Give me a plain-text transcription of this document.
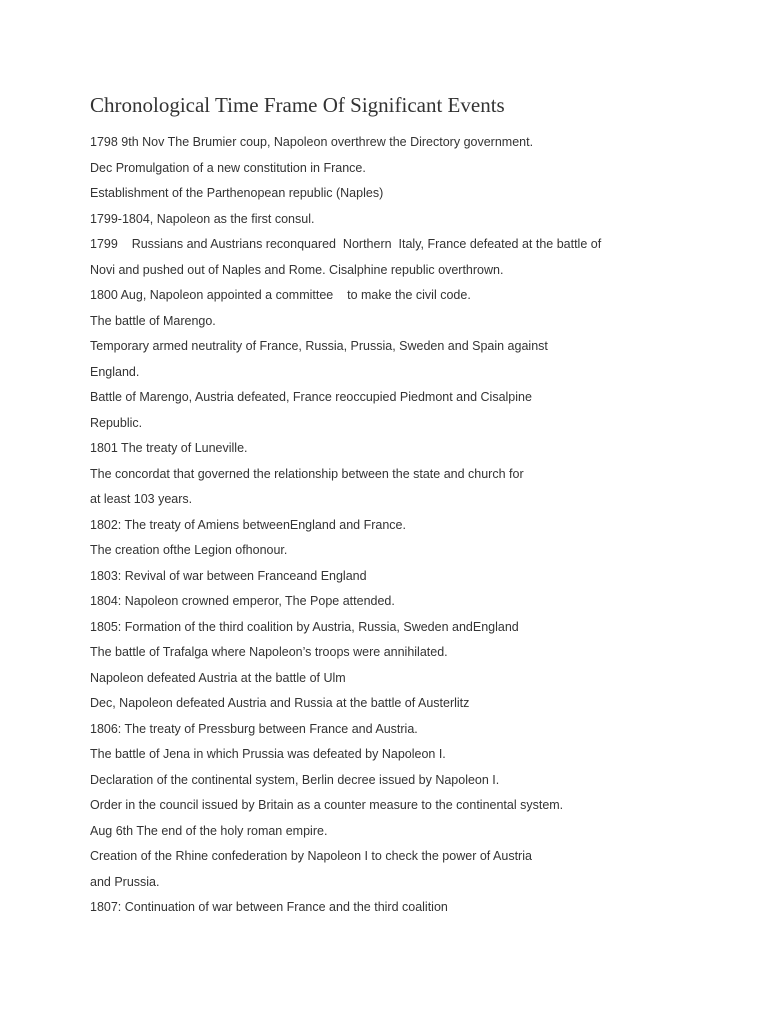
Chronological Time Frame Of Significant Events
1798 9th Nov The Brumier coup, Napoleon overthrew the Directory government.
Dec Promulgation of a new constitution in France.
Establishment of the Parthenopean republic (Naples)
1799-1804, Napoleon as the first consul.
1799    Russians and Austrians reconquared  Northern  Italy, France defeated at the battle of
Novi and pushed out of Naples and Rome. Cisalphine republic overthrown.
1800 Aug, Napoleon appointed a committee    to make the civil code.
The battle of Marengo.
Temporary armed neutrality of France, Russia, Prussia, Sweden and Spain against
England.
Battle of Marengo, Austria defeated, France reoccupied Piedmont and Cisalpine
Republic.
1801 The treaty of Luneville.
The concordat that governed the relationship between the state and church for
at least 103 years.
1802: The treaty of Amiens betweenEngland and France.
The creation ofthe Legion ofhonour.
1803: Revival of war between Franceand England
1804: Napoleon crowned emperor, The Pope attended.
1805: Formation of the third coalition by Austria, Russia, Sweden andEngland
The battle of Trafalga where Napoleon’s troops were annihilated.
Napoleon defeated Austria at the battle of Ulm
Dec, Napoleon defeated Austria and Russia at the battle of Austerlitz
1806: The treaty of Pressburg between France and Austria.
The battle of Jena in which Prussia was defeated by Napoleon I.
Declaration of the continental system, Berlin decree issued by Napoleon I.
Order in the council issued by Britain as a counter measure to the continental system.
Aug 6th The end of the holy roman empire.
Creation of the Rhine confederation by Napoleon I to check the power of Austria
and Prussia.
1807: Continuation of war between France and the third coalition
